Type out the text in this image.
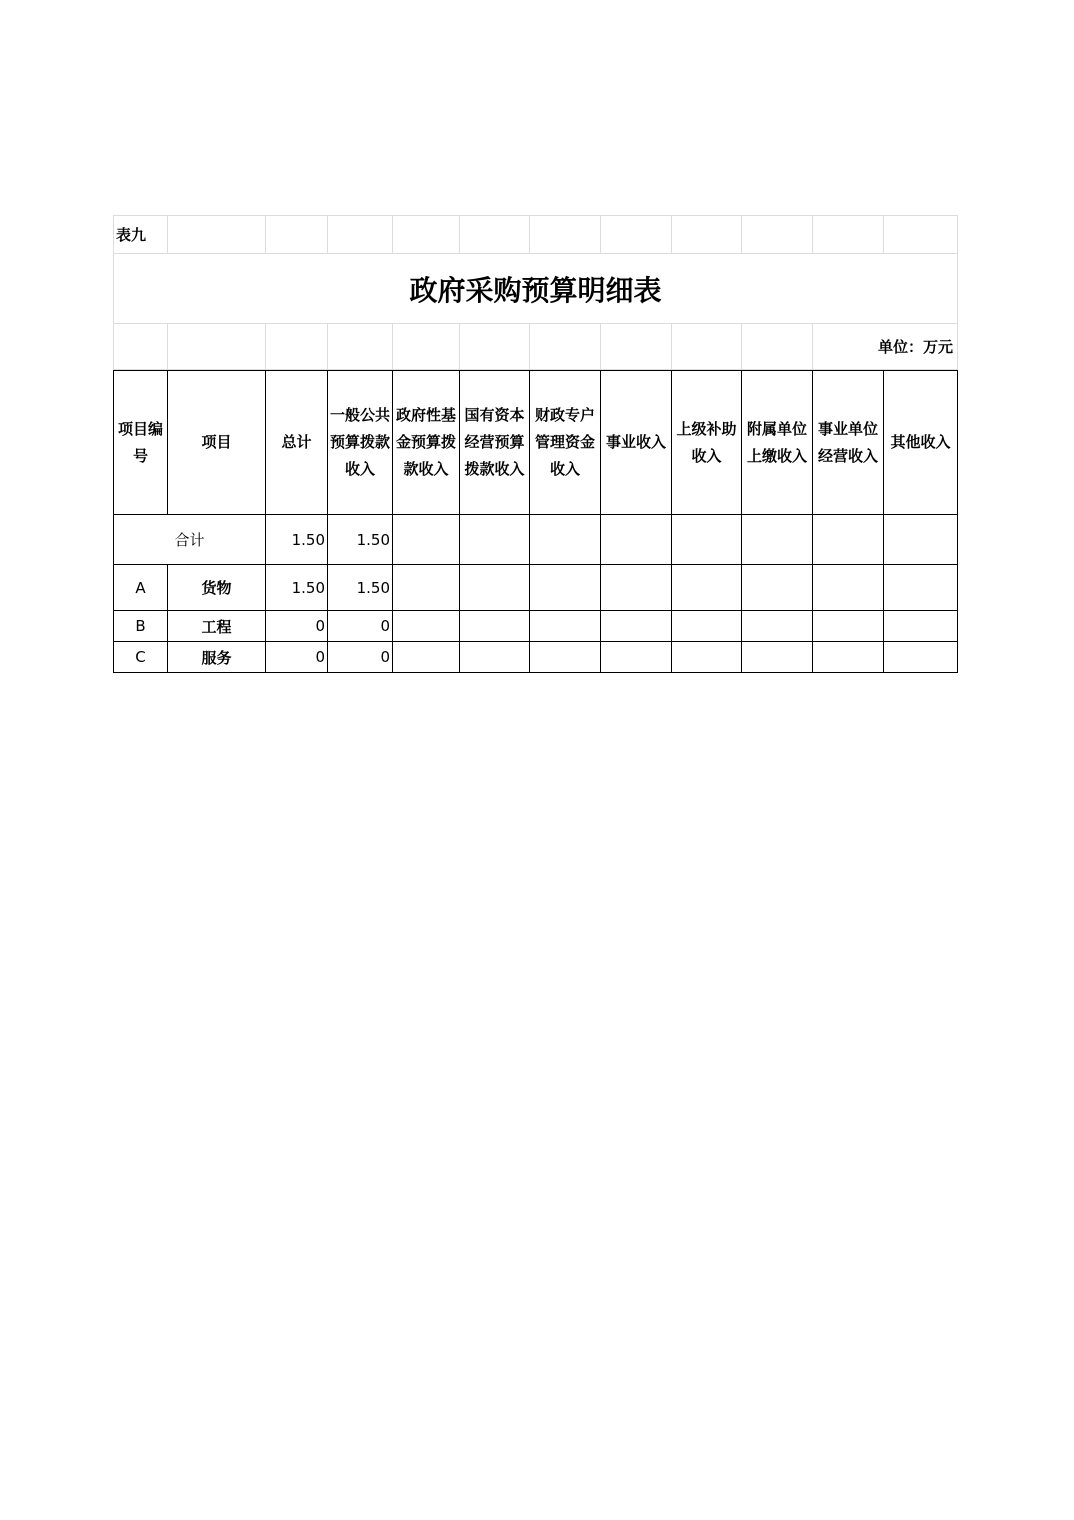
表九											
政府采购预算明细表											
										单位：万元	
项目编号	项目	总计	一般公共预算拨款收入	政府性基金预算拨款收入	国有资本经营预算拨款收入	财政专户管理资金收入	事业收入	上级补助收入	附属单位上缴收入	事业单位经营收入	其他收入
合计		1.50	1.50								
A	货物	1.50	1.50								
B	工程	0	0								
C	服务	0	0								
